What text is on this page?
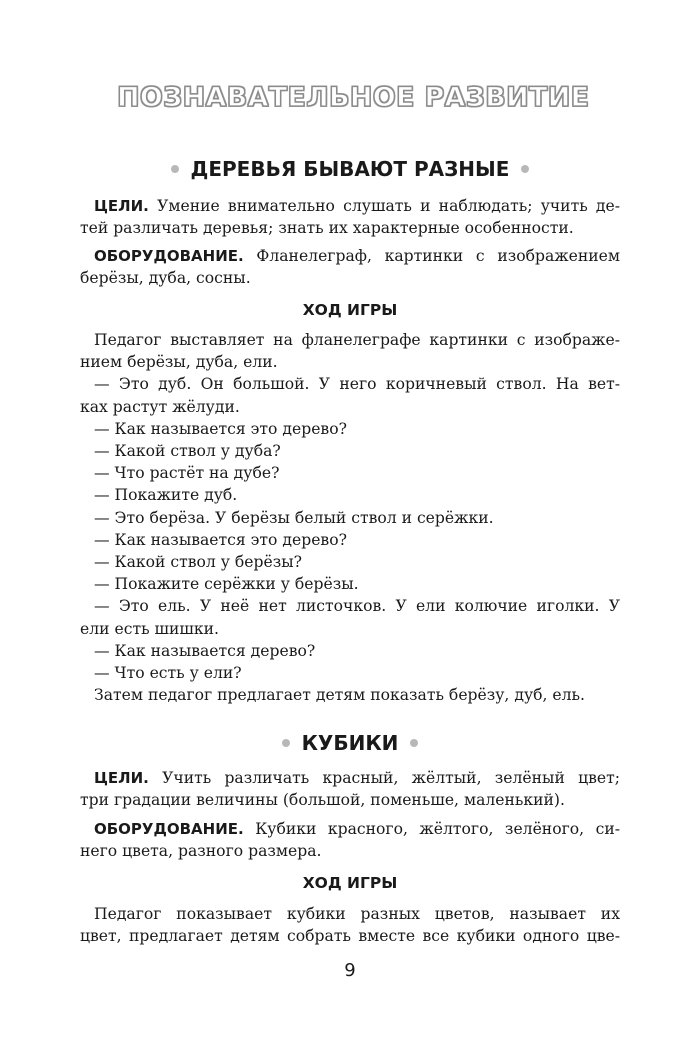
ПОЗНАВАТЕЛЬНОЕ РАЗВИТИЕ
ДЕРЕВЬЯ БЫВАЮТ РАЗНЫЕ
ЦЕЛИ. Умение внимательно слушать и наблюдать; учить де-
тей различать деревья; знать их характерные особенности.
ОБОРУДОВАНИЕ. Фланелеграф, картинки с изображением
берёзы, дуба, сосны.
ХОД ИГРЫ
Педагог выставляет на фланелеграфе картинки с изображе-
нием берёзы, дуба, ели.
— Это дуб. Он большой. У него коричневый ствол. На вет-
ках растут жёлуди.
— Как называется это дерево?
— Какой ствол у дуба?
— Что растёт на дубе?
— Покажите дуб.
— Это берёза. У берёзы белый ствол и серёжки.
— Как называется это дерево?
— Какой ствол у берёзы?
— Покажите серёжки у берёзы.
— Это ель. У неё нет листочков. У ели колючие иголки. У
ели есть шишки.
— Как называется дерево?
— Что есть у ели?
Затем педагог предлагает детям показать берёзу, дуб, ель.
КУБИКИ
ЦЕЛИ. Учить различать красный, жёлтый, зелёный цвет;
три градации величины (большой, поменьше, маленький).
ОБОРУДОВАНИЕ. Кубики красного, жёлтого, зелёного, си-
него цвета, разного размера.
ХОД ИГРЫ
Педагог показывает кубики разных цветов, называет их
цвет, предлагает детям собрать вместе все кубики одного цве-
9
